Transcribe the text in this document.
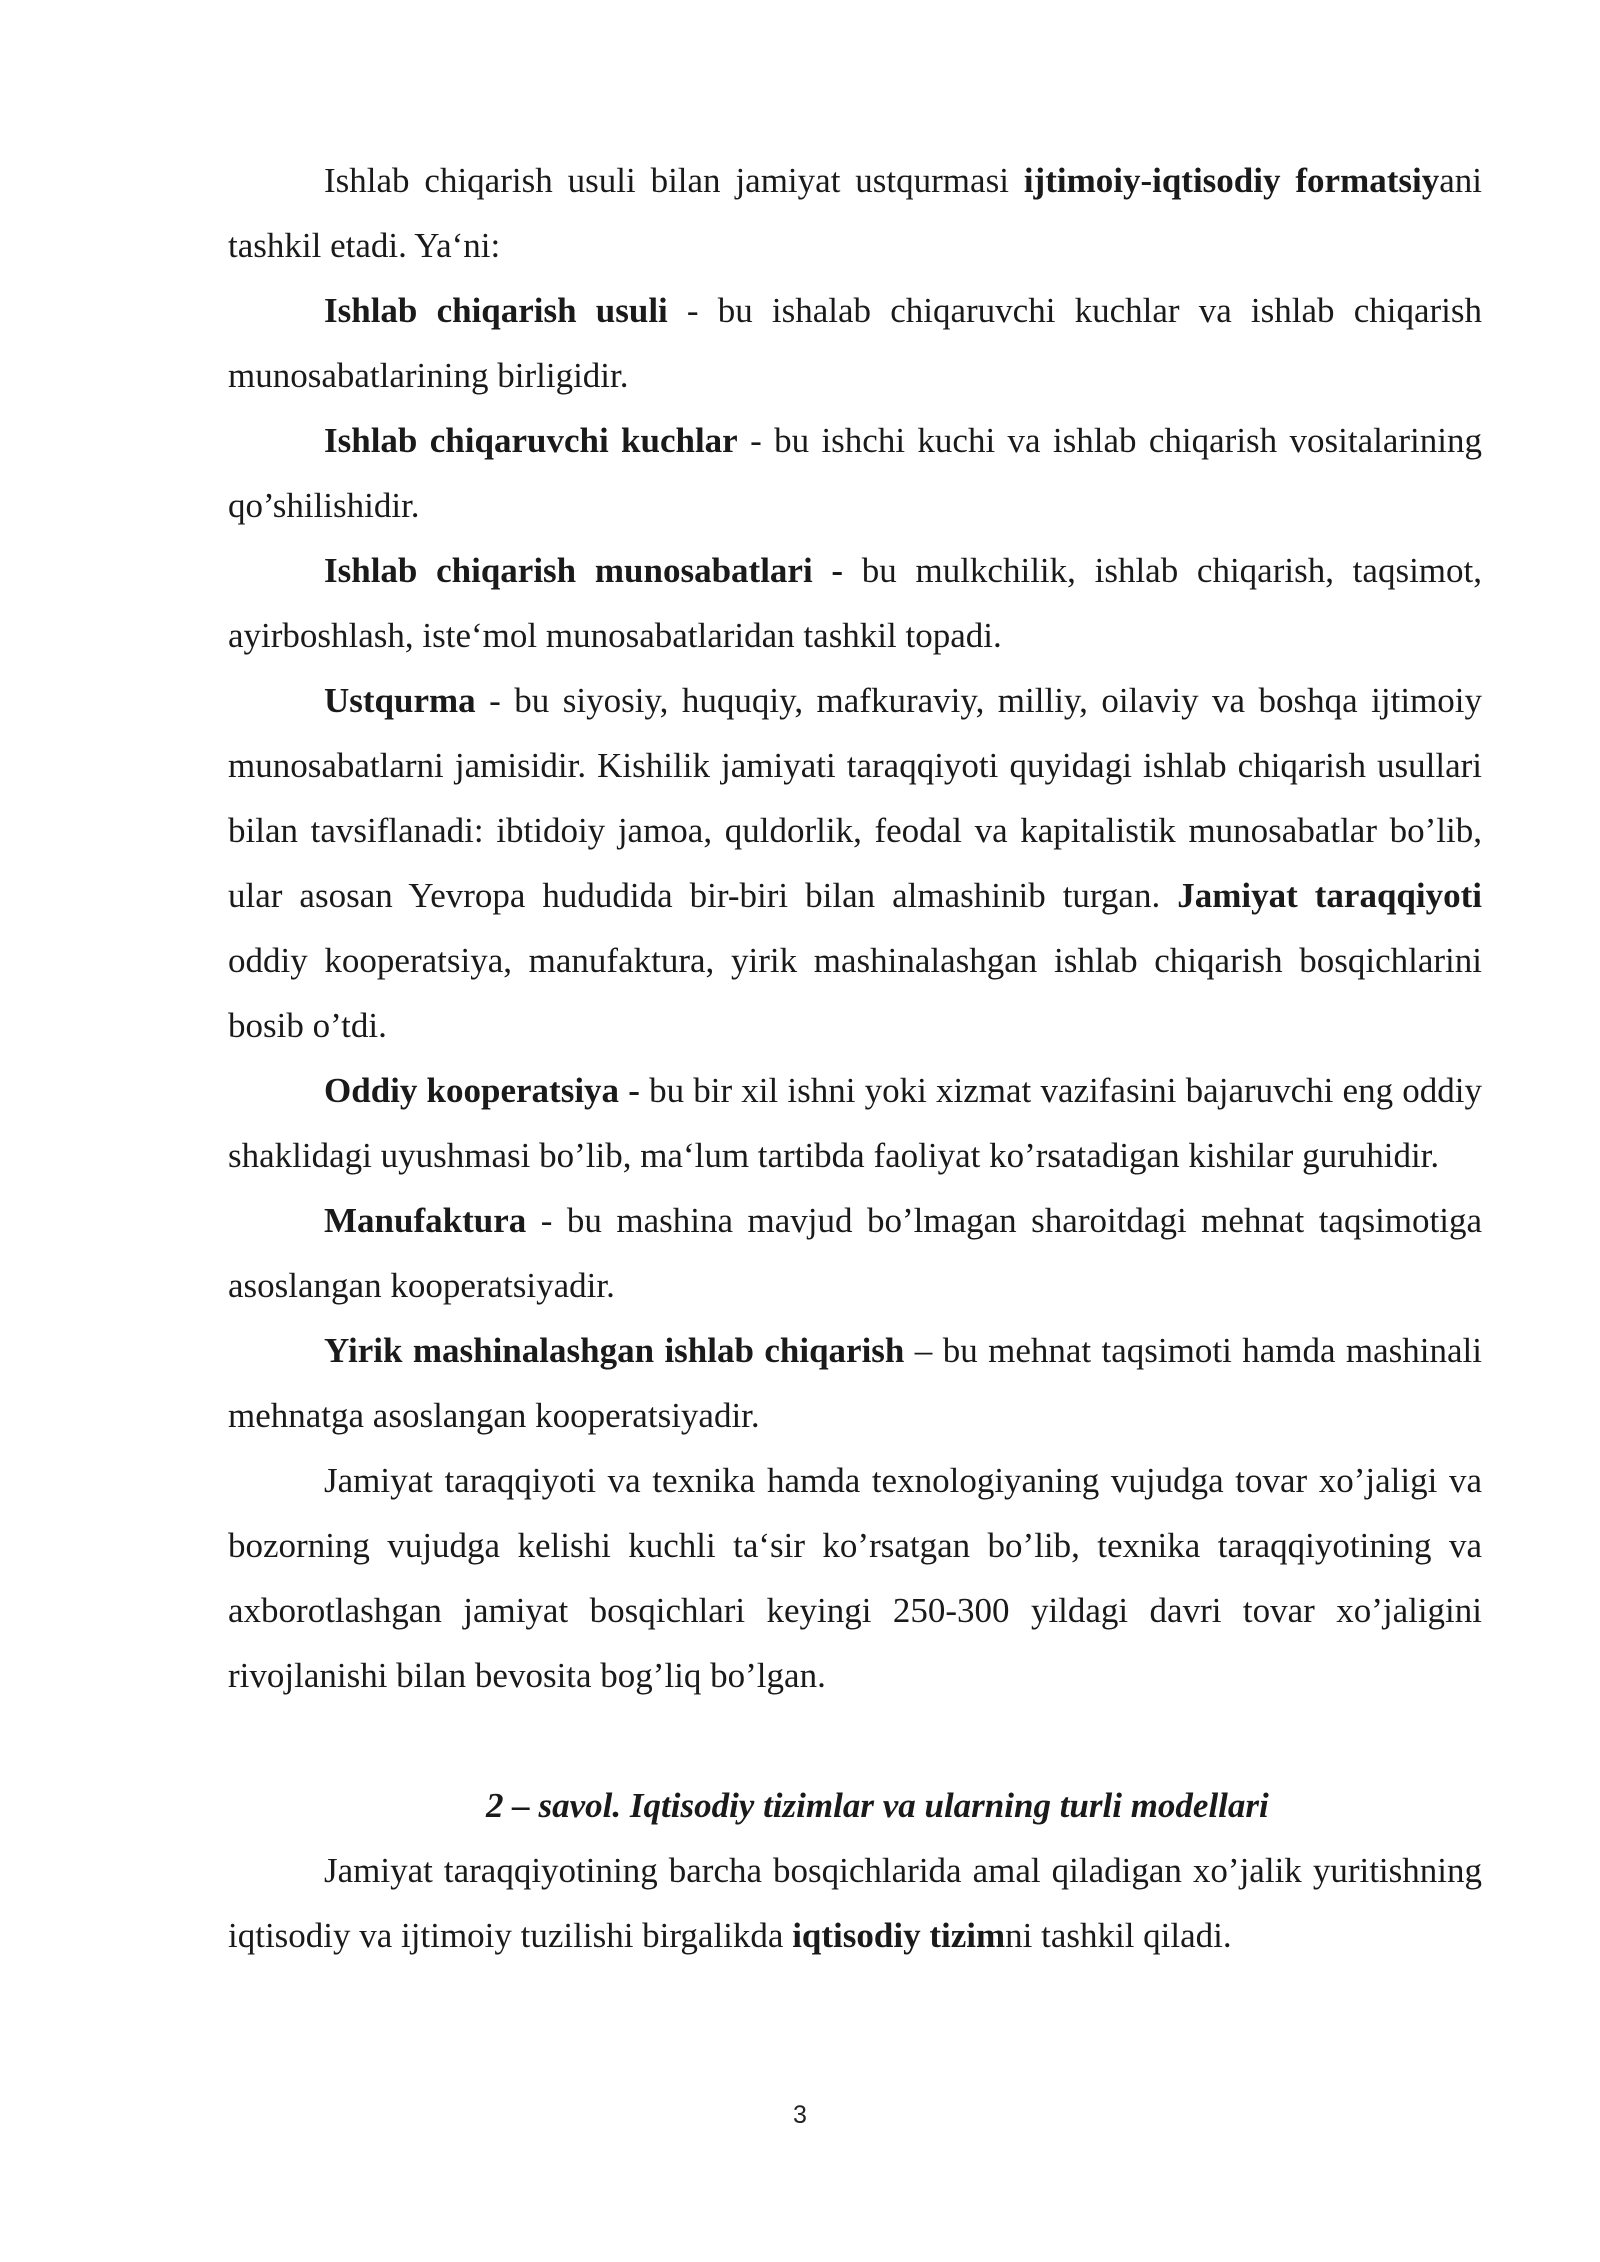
Ishlab chiqarish usuli bilan jamiyat ustqurmasi ijtimoiy-iqtisodiy formatsiyani tashkil etadi. Ya‘ni:

Ishlab chiqarish usuli - bu ishalab chiqaruvchi kuchlar va ishlab chiqarish munosabatlarining birligidir.

Ishlab chiqaruvchi kuchlar - bu ishchi kuchi va ishlab chiqarish vositalarining qo’shilishidir.

Ishlab chiqarish munosabatlari - bu mulkchilik, ishlab chiqarish, taqsimot, ayirboshlash, iste‘mol munosabatlaridan tashkil topadi.

Ustqurma - bu siyosiy, huquqiy, mafkuraviy, milliy, oilaviy va boshqa ijtimoiy munosabatlarni jamisidir. Kishilik jamiyati taraqqiyoti quyidagi ishlab chiqarish usullari bilan tavsiflanadi: ibtidoiy jamoa, quldorlik, feodal va kapitalistik munosabatlar bo’lib, ular asosan Yevropa hududida bir-biri bilan almashinib turgan. Jamiyat taraqqiyoti oddiy kooperatsiya, manufaktura, yirik mashinalashgan ishlab chiqarish bosqichlarini bosib o’tdi.

Oddiy kooperatsiya - bu bir xil ishni yoki xizmat vazifasini bajaruvchi eng oddiy shaklidagi uyushmasi bo’lib, ma‘lum tartibda faoliyat ko’rsatadigan kishilar guruhidir.

Manufaktura - bu mashina mavjud bo’lmagan sharoitdagi mehnat taqsimotiga asoslangan kooperatsiyadir.

Yirik mashinalashgan ishlab chiqarish – bu mehnat taqsimoti hamda mashinali mehnatga asoslangan kooperatsiyadir.

Jamiyat taraqqiyoti va texnika hamda texnologiyaning vujudga tovar xo’jaligi va bozorning vujudga kelishi kuchli ta‘sir ko’rsatgan bo’lib, texnika taraqqiyotining va axborotlashgan jamiyat bosqichlari keyingi 250-300 yildagi davri tovar xo’jaligini rivojlanishi bilan bevosita bog’liq bo’lgan.

2 – savol. Iqtisodiy tizimlar va ularning turli modellari

Jamiyat taraqqiyotining barcha bosqichlarida amal qiladigan xo’jalik yuritishning iqtisodiy va ijtimoiy tuzilishi birgalikda iqtisodiy tizimni tashkil qiladi.

3
